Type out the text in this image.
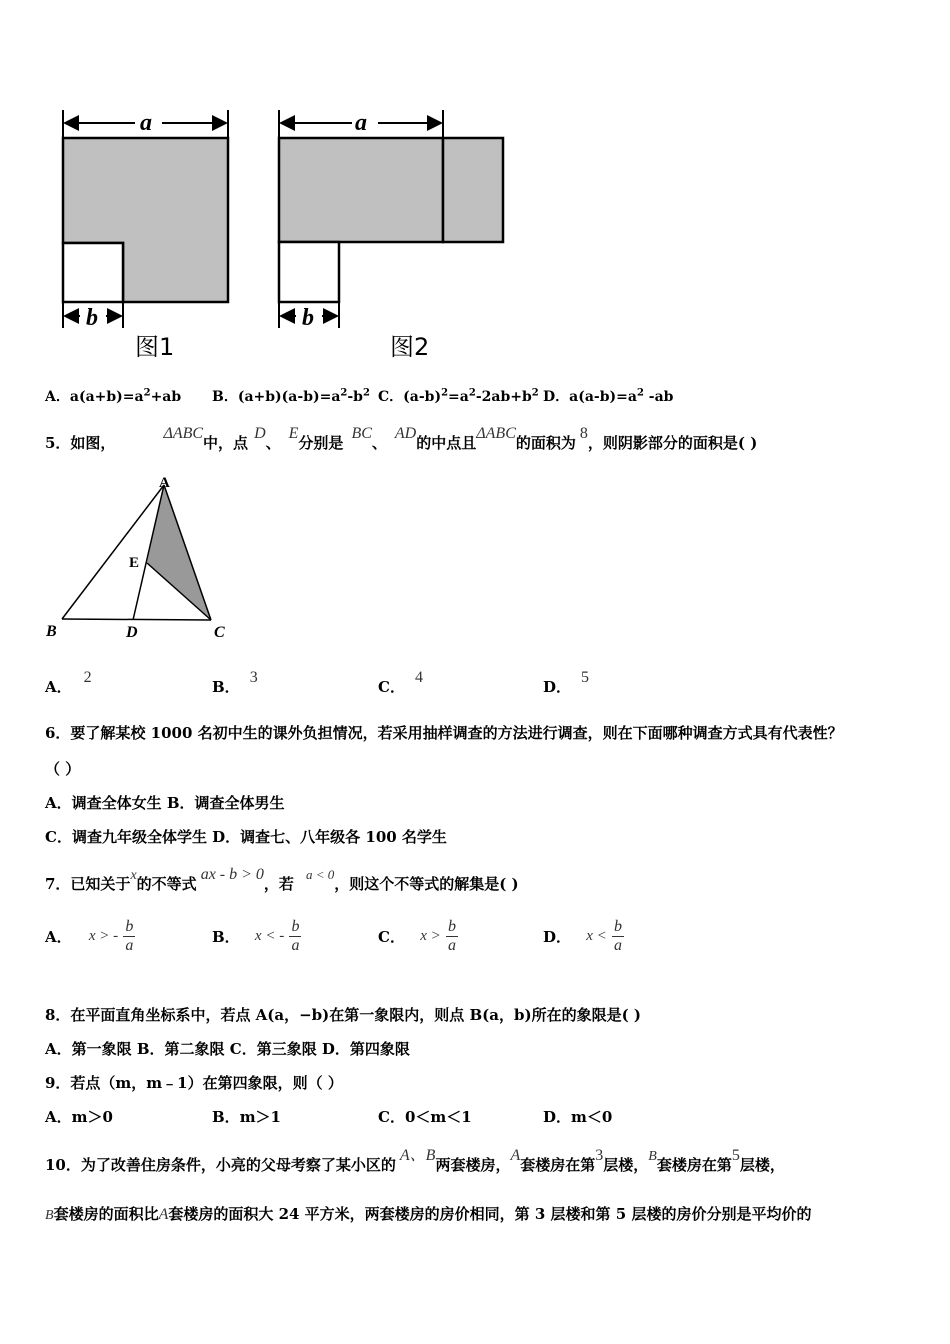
a
b
图1
a
b
图2
A．$a(a+b)=a^2+ab$ B．$(a+b)(a-b)=a^2-b^2$ C．$(a-b)^2=a^2-2ab+b^2$ D．$a(a-b)=a^2$ -ab
5．如图，ΔABC中，点D、E分别是BC、AD的中点且ΔABC的面积为8，则阴影部分的面积是( )
A
E
B	D	C
A．2
B．3
C．4
D．5
6．要了解某校 1000 名初中生的课外负担情况，若采用抽样调查的方法进行调查，则在下面哪种调查方式具有代表性？
（ ）
A．调查全体女生 B．调查全体男生
C．调查九年级全体学生 D．调查七、八年级各 100 名学生
7．已知关于x的不等式ax - b > 0，若a < 0，则这个不等式的解集是( )
A． x > - $\frac{b}{a}$	B． x < - $\frac{b}{a}$	C． $x > \frac{b}{a}$	D． $x < \frac{b}{a}$
8．在平面直角坐标系中，若点 A(a，−b)在第一象限内，则点 B(a，b)所在的象限是( )
A．第一象限 B．第二象限 C．第三象限 D．第四象限
9．若点（m，m﹣1）在第四象限，则（ ）
A．m＞0	B．m＞1	C．0＜m＜1	D．m＜0
10．为了改善住房条件，小亮的父母考察了某小区的A、B两套楼房，A套楼房在第3层楼，B套楼房在第5层楼，
B套楼房的面积比A套楼房的面积大 24 平方米，两套楼房的房价相同，第 3 层楼和第 5 层楼的房价分别是平均价的
